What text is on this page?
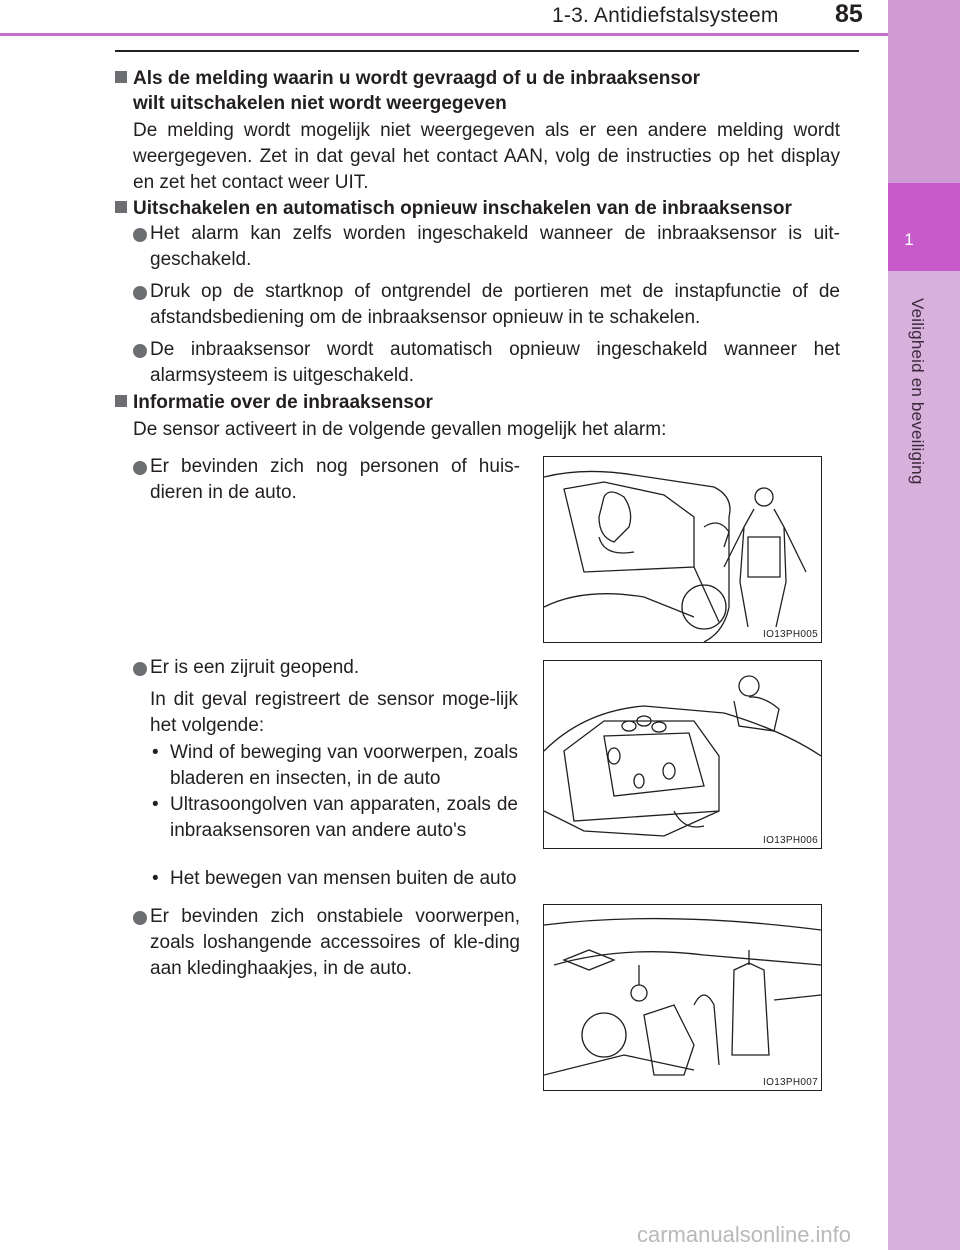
1-3. Antidiefstalsysteem 85
1
Veiligheid en beveiliging
Als de melding waarin u wordt gevraagd of u de inbraaksensor
wilt uitschakelen niet wordt weergegeven
De melding wordt mogelijk niet weergegeven als er een andere melding wordt weergegeven. Zet in dat geval het contact AAN, volg de instructies op het display en zet het contact weer UIT.
Uitschakelen en automatisch opnieuw inschakelen van de inbraaksensor
Het alarm kan zelfs worden ingeschakeld wanneer de inbraaksensor is uit-geschakeld.
Druk op de startknop of ontgrendel de portieren met de instapfunctie of de afstandsbediening om de inbraaksensor opnieuw in te schakelen.
De inbraaksensor wordt automatisch opnieuw ingeschakeld wanneer het alarmsysteem is uitgeschakeld.
Informatie over de inbraaksensor
De sensor activeert in de volgende gevallen mogelijk het alarm:
Er bevinden zich nog personen of huis-dieren in de auto.
IO13PH005
Er is een zijruit geopend.
In dit geval registreert de sensor moge-lijk het volgende:
• Wind of beweging van voorwerpen, zoals bladeren en insecten, in de auto
• Ultrasoongolven van apparaten, zoals de inbraaksensoren van andere auto's
• Het bewegen van mensen buiten de auto
IO13PH006
Er bevinden zich onstabiele voorwerpen, zoals loshangende accessoires of kle-ding aan kledinghaakjes, in de auto.
IO13PH007
carmanualsonline.info
